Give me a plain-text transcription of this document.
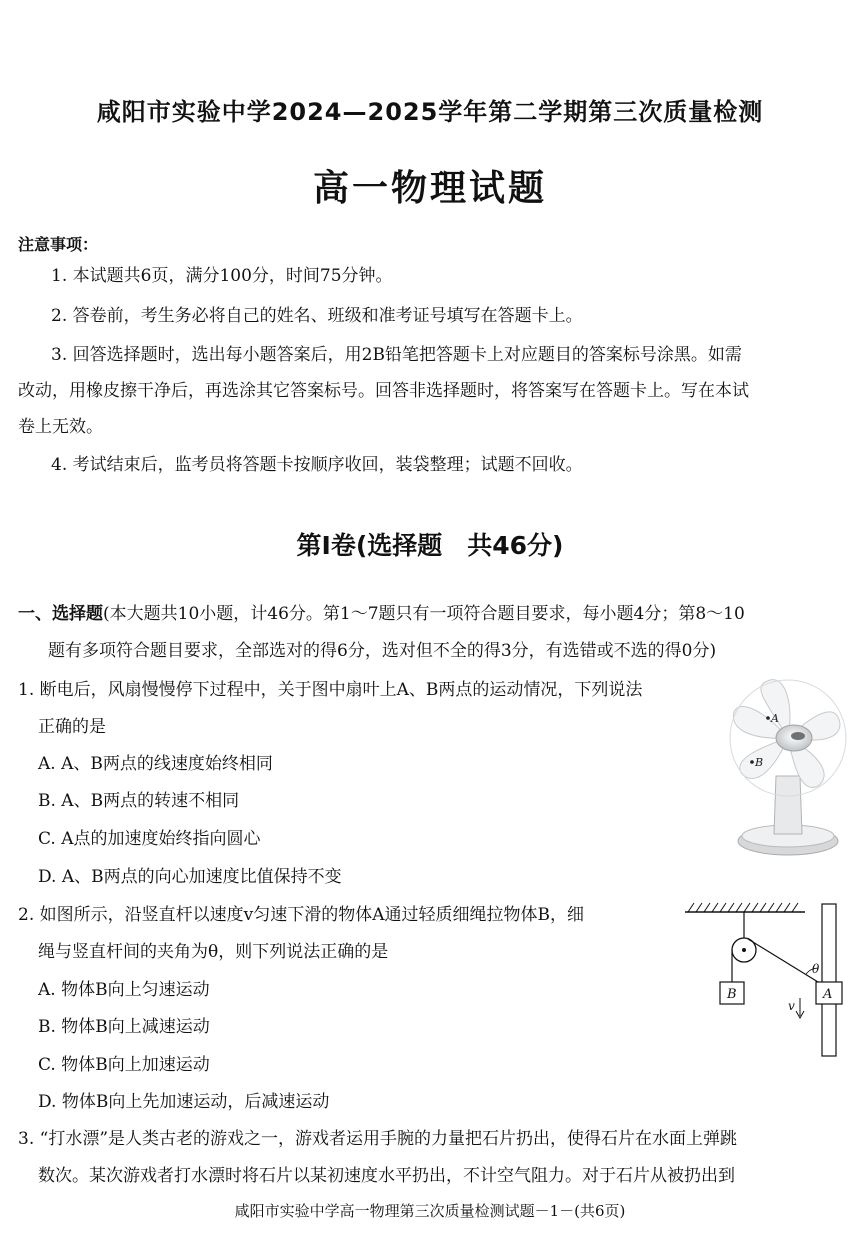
咸阳市实验中学2024—2025学年第二学期第三次质量检测
高一物理试题
注意事项：
1. 本试题共6页，满分100分，时间75分钟。
2. 答卷前，考生务必将自己的姓名、班级和准考证号填写在答题卡上。
3. 回答选择题时，选出每小题答案后，用2B铅笔把答题卡上对应题目的答案标号涂黑。如需
改动，用橡皮擦干净后，再选涂其它答案标号。回答非选择题时，将答案写在答题卡上。写在本试
卷上无效。
4. 考试结束后，监考员将答题卡按顺序收回，装袋整理；试题不回收。
第Ⅰ卷(选择题　共46分)
一、选择题(本大题共10小题，计46分。第1～7题只有一项符合题目要求，每小题4分；第8～10
题有多项符合题目要求，全部选对的得6分，选对但不全的得3分，有选错或不选的得0分)
1. 断电后，风扇慢慢停下过程中，关于图中扇叶上A、B两点的运动情况，下列说法
正确的是
A. A、B两点的线速度始终相同
B. A、B两点的转速不相同
C. A点的加速度始终指向圆心
D. A、B两点的向心加速度比值保持不变
A
B
2. 如图所示，沿竖直杆以速度v匀速下滑的物体A通过轻质细绳拉物体B，细
绳与竖直杆间的夹角为θ，则下列说法正确的是
A. 物体B向上匀速运动
B. 物体B向上减速运动
C. 物体B向上加速运动
D. 物体B向上先加速运动，后减速运动
B	A
θ
v
3. “打水漂”是人类古老的游戏之一，游戏者运用手腕的力量把石片扔出，使得石片在水面上弹跳
数次。某次游戏者打水漂时将石片以某初速度水平扔出，不计空气阻力。对于石片从被扔出到
咸阳市实验中学高一物理第三次质量检测试题－1－(共6页)
